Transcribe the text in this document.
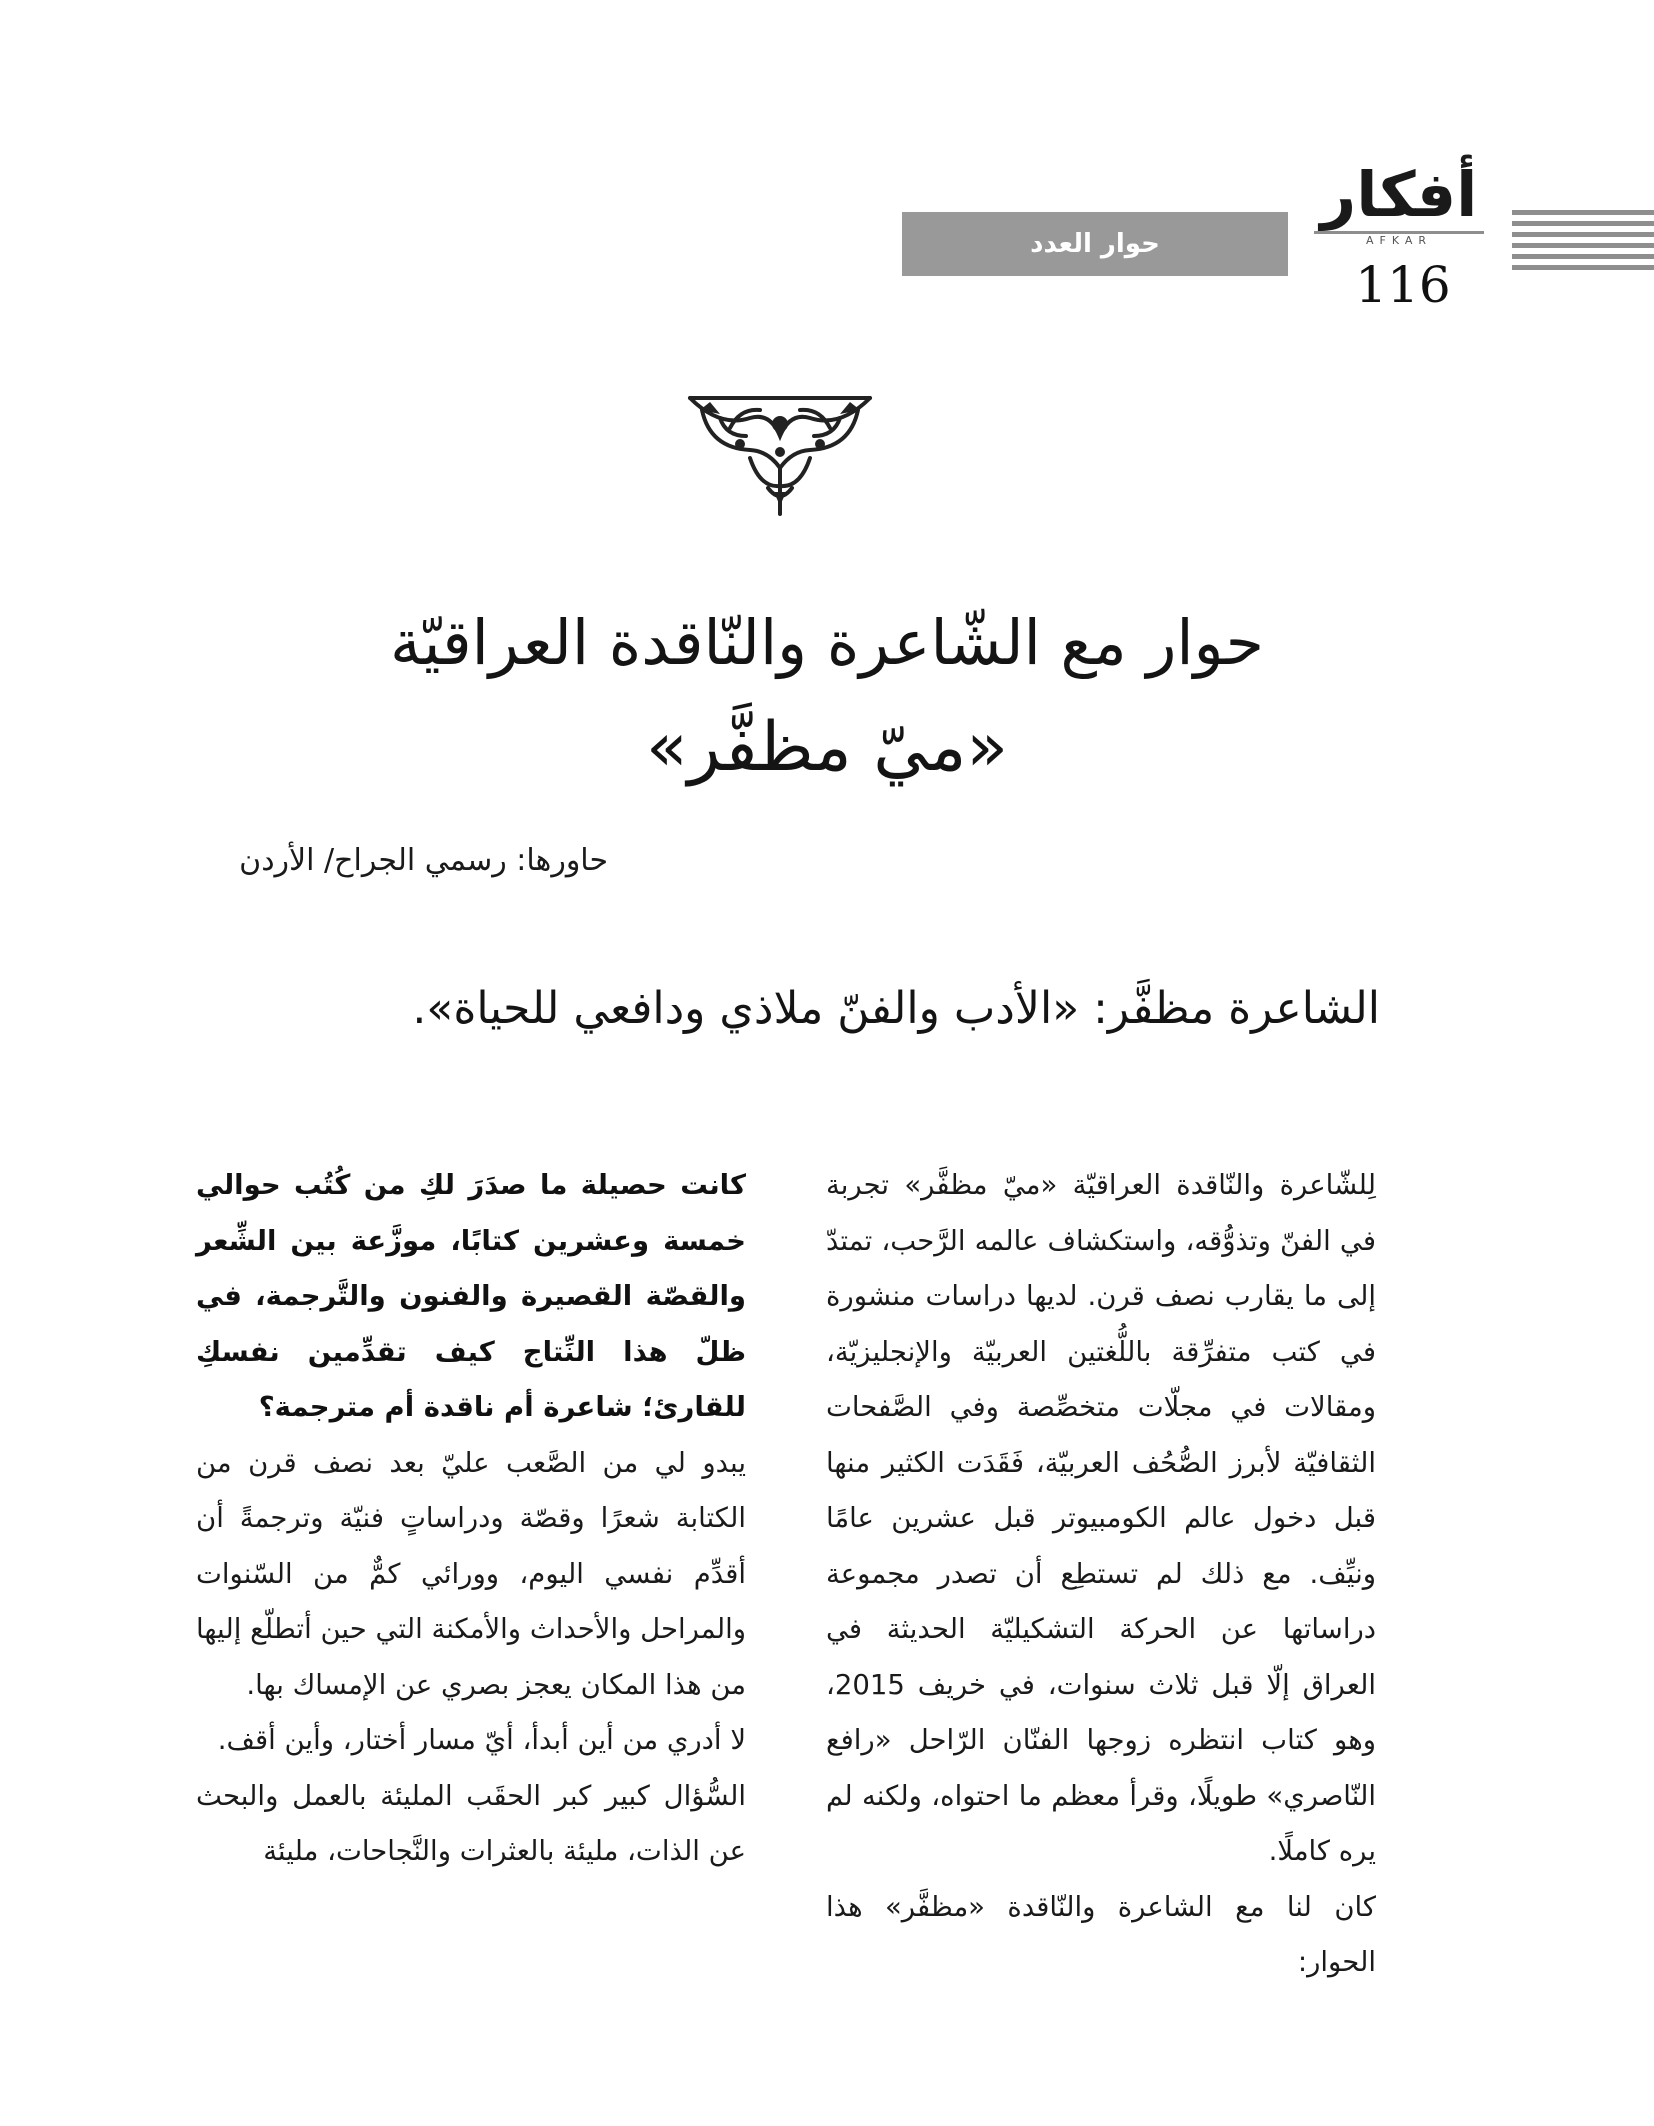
أفكار
AFKAR
حوار العدد
116
حوار مع الشّاعرة والنّاقدة العراقيّة
«ميّ مظفَّر»
حاورها: رسمي الجراح/ الأردن
الشاعرة مظفَّر: «الأدب والفنّ ملاذي ودافعي للحياة».

لِلشّاعرة والنّاقدة العراقيّة «ميّ مظفَّر» تجربة في الفنّ وتذوُّقه، واستكشاف عالمه الرَّحب، تمتدّ إلى ما يقارب نصف قرن. لديها دراسات منشورة في كتب متفرِّقة باللُّغتين العربيّة والإنجليزيّة، ومقالات في مجلّات متخصِّصة وفي الصَّفحات الثقافيّة لأبرز الصُّحُف العربيّة، فَقَدَت الكثير منها قبل دخول عالم الكومبيوتر قبل عشرين عامًا ونيِّف. مع ذلك لم تستطِع أن تصدر مجموعة دراساتها عن الحركة التشكيليّة الحديثة في العراق إلّا قبل ثلاث سنوات، في خريف 2015، وهو كتاب انتظره زوجها الفنّان الرّاحل «رافع النّاصري» طويلًا، وقرأ معظم ما احتواه، ولكنه لم يره كاملًا.

كان لنا مع الشاعرة والنّاقدة «مظفَّر» هذا الحوار:

كانت حصيلة ما صدَرَ لكِ من كُتُب حوالي خمسة وعشرين كتابًا، موزَّعة بين الشِّعر والقصّة القصيرة والفنون والتَّرجمة، في ظلّ هذا النِّتاج كيف تقدِّمين نفسكِ للقارئ؛ شاعرة أم ناقدة أم مترجمة؟

يبدو لي من الصَّعب عليّ بعد نصف قرن من الكتابة شعرًا وقصّة ودراساتٍ فنيّة وترجمةً أن أقدِّم نفسي اليوم، وورائي كمٌّ من السّنوات والمراحل والأحداث والأمكنة التي حين أتطلّع إليها من هذا المكان يعجز بصري عن الإمساك بها.

لا أدري من أين أبدأ، أيّ مسار أختار، وأين أقف.

السُّؤال كبير كبر الحقَب المليئة بالعمل والبحث عن الذات، مليئة بالعثرات والنَّجاحات، مليئة
